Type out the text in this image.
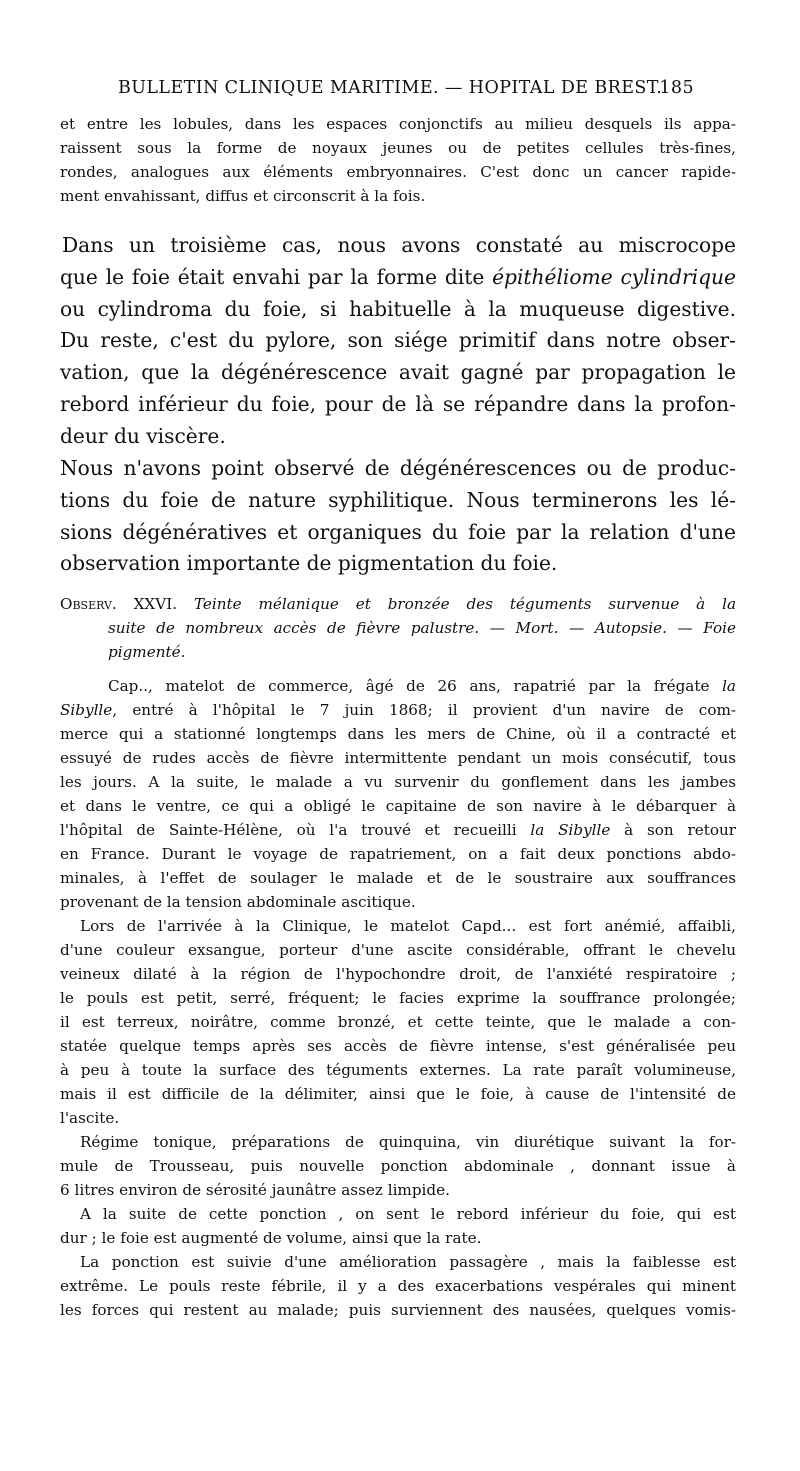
BULLETIN CLINIQUE MARITIME. — HOPITAL DE BREST.
185
et entre les lobules, dans les espaces conjonctifs au milieu desquels ils appa-
raissent sous la forme de noyaux jeunes ou de petites cellules très-fines,
rondes, analogues aux éléments embryonnaires. C'est donc un cancer rapide-
ment envahissant, diffus et circonscrit à la fois.
Dans un troisième cas, nous avons constaté au miscrocope
que le foie était envahi par la forme dite épithéliome cylindrique
ou cylindroma du foie, si habituelle à la muqueuse digestive.
Du reste, c'est du pylore, son siége primitif dans notre obser-
vation, que la dégénérescence avait gagné par propagation le
rebord inférieur du foie, pour de là se répandre dans la profon-
deur du viscère.
Nous n'avons point observé de dégénérescences ou de produc-
tions du foie de nature syphilitique. Nous terminerons les lé-
sions dégénératives et organiques du foie par la relation d'une
observation importante de pigmentation du foie.
Observ. XXVI. Teinte mélanique et bronzée des téguments survenue à la
suite de nombreux accès de fièvre palustre. — Mort. — Autopsie. — Foie
pigmenté.
Cap.., matelot de commerce, âgé de 26 ans, rapatrié par la frégate la
Sibylle, entré à l'hôpital le 7 juin 1868; il provient d'un navire de com-
merce qui a stationné longtemps dans les mers de Chine, où il a contracté et
essuyé de rudes accès de fièvre intermittente pendant un mois consécutif, tous
les jours. A la suite, le malade a vu survenir du gonflement dans les jambes
et dans le ventre, ce qui a obligé le capitaine de son navire à le débarquer à
l'hôpital de Sainte-Hélène, où l'a trouvé et recueilli la Sibylle à son retour
en France. Durant le voyage de rapatriement, on a fait deux ponctions abdo-
minales, à l'effet de soulager le malade et de le soustraire aux souffrances
provenant de la tension abdominale ascitique.
Lors de l'arrivée à la Clinique, le matelot Capd... est fort anémié, affaibli,
d'une couleur exsangue, porteur d'une ascite considérable, offrant le chevelu
veineux dilaté à la région de l'hypochondre droit, de l'anxiété respiratoire ;
le pouls est petit, serré, fréquent; le facies exprime la souffrance prolongée;
il est terreux, noirâtre, comme bronzé, et cette teinte, que le malade a con-
statée quelque temps après ses accès de fièvre intense, s'est généralisée peu
à peu à toute la surface des téguments externes. La rate paraît volumineuse,
mais il est difficile de la délimiter, ainsi que le foie, à cause de l'intensité de
l'ascite.
Régime tonique, préparations de quinquina, vin diurétique suivant la for-
mule de Trousseau, puis nouvelle ponction abdominale , donnant issue à
6 litres environ de sérosité jaunâtre assez limpide.
A la suite de cette ponction , on sent le rebord inférieur du foie, qui est
dur ; le foie est augmenté de volume, ainsi que la rate.
La ponction est suivie d'une amélioration passagère , mais la faiblesse est
extrême. Le pouls reste fébrile, il y a des exacerbations vespérales qui minent
les forces qui restent au malade; puis surviennent des nausées, quelques vomis-
